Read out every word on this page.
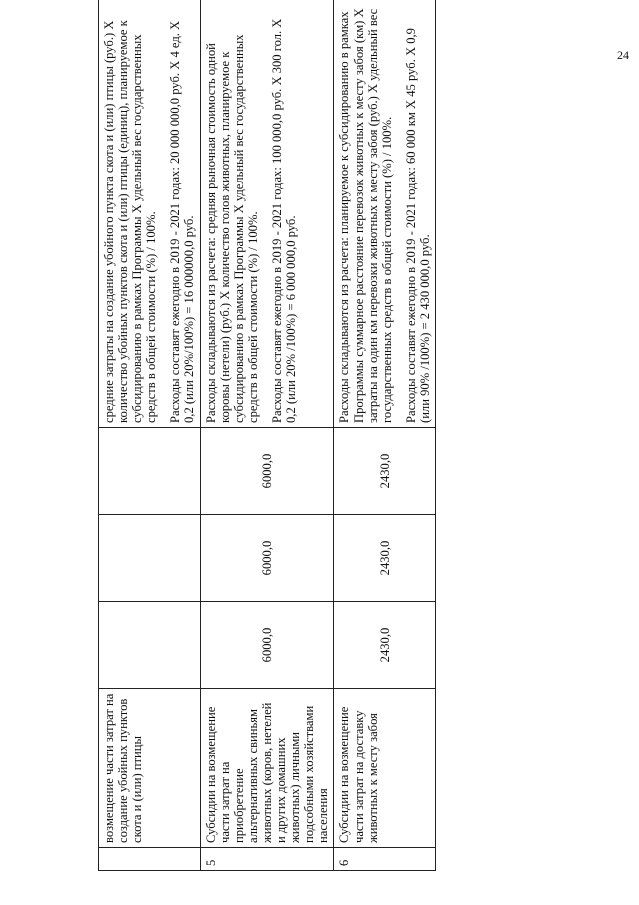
24
	возмещение части затрат на создание убойных пунктов скота и (или) птицы				средние затраты на создание убойного пункта скота и (или) птицы (руб.) Х количество убойных пунктов скота и (или) птицы (единиц), планируемое к субсидированию в рамках Программы Х удельный вес государственных средств в общей стоимости (%) / 100%. Расходы составят ежегодно в 2019 - 2021 годах: 20 000 000,0 руб. Х 4 ед. Х 0,2 (или 20%/100%) = 16 000000,0 руб.

5	Субсидии на возмещение части затрат на приобретение альтернативных свиньям животных (коров, нетелей и других домашних животных) личными подсобными хозяйствами населения	6000,0	6000,0	6000,0	Расходы складываются из расчета: средняя рыночная стоимость одной коровы (нетели) (руб.) Х количество голов животных, планируемое к субсидированию в рамках Программы Х удельный вес государственных средств в общей стоимости (%) / 100%. Расходы составят ежегодно в 2019 - 2021 годах: 100 000,0 руб. Х 300 гол. Х 0,2 (или 20% /100%) = 6 000 000,0 руб.

6	Субсидии на возмещение части затрат на доставку животных к месту забоя	2430,0	2430,0	2430,0	Расходы складываются из расчета: планируемое к субсидированию в рамках Программы суммарное расстояние перевозок животных к месту забоя (км) Х затраты на один км перевозки животных к месту забоя (руб.) Х удельный вес государственных средств в общей стоимости (%) / 100%. Расходы составят ежегодно в 2019 - 2021 годах: 60 000 км Х 45 руб. Х 0,9 (или 90% /100%) = 2 430 000,0 руб.
